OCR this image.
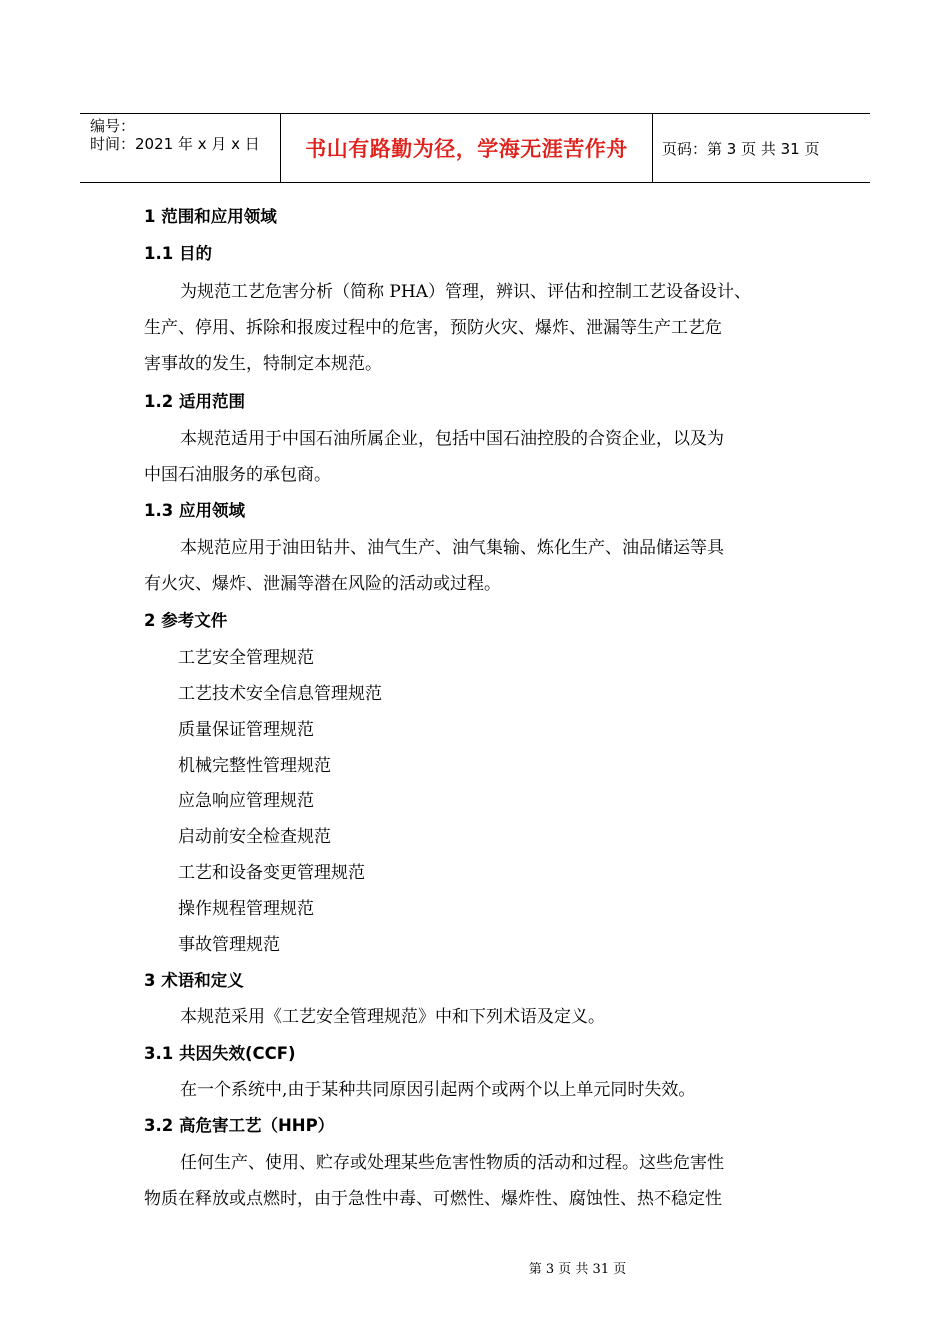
编号：
时间：2021 年 x 月 x 日	书山有路勤为径，学海无涯苦作舟	页码：第 3 页 共 31 页
1 范围和应用领域
1.1 目的
为规范工艺危害分析（简称 PHA）管理，辨识、评估和控制工艺设备设计、
生产、停用、拆除和报废过程中的危害，预防火灾、爆炸、泄漏等生产工艺危
害事故的发生，特制定本规范。
1.2 适用范围
本规范适用于中国石油所属企业，包括中国石油控股的合资企业，以及为
中国石油服务的承包商。
1.3 应用领域
本规范应用于油田钻井、油气生产、油气集输、炼化生产、油品储运等具
有火灾、爆炸、泄漏等潜在风险的活动或过程。
2 参考文件
工艺安全管理规范
工艺技术安全信息管理规范
质量保证管理规范
机械完整性管理规范
应急响应管理规范
启动前安全检查规范
工艺和设备变更管理规范
操作规程管理规范
事故管理规范
3 术语和定义
本规范采用《工艺安全管理规范》中和下列术语及定义。
3.1 共因失效(CCF)
在一个系统中,由于某种共同原因引起两个或两个以上单元同时失效。
3.2 高危害工艺（HHP）
任何生产、使用、贮存或处理某些危害性物质的活动和过程。这些危害性
物质在释放或点燃时，由于急性中毒、可燃性、爆炸性、腐蚀性、热不稳定性
第 3 页 共 31 页
